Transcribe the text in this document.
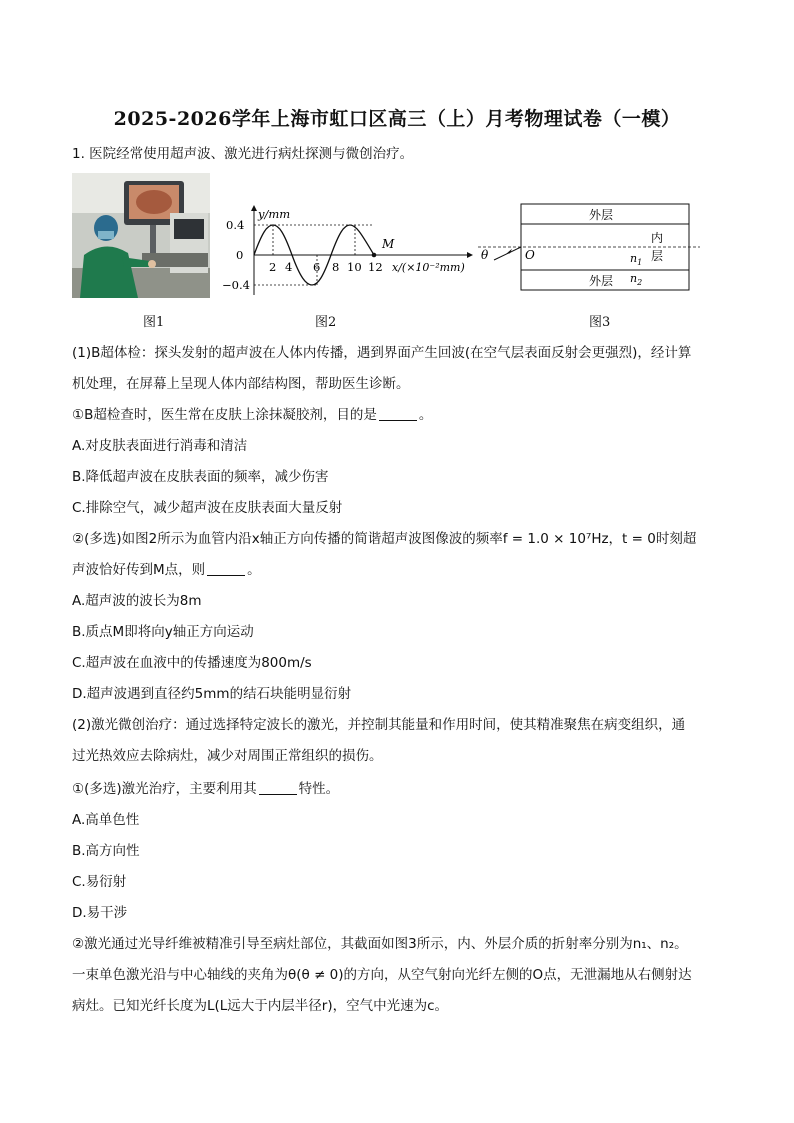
2025-2026学年上海市虹口区高三（上）月考物理试卷（一模）
1. 医院经常使用超声波、激光进行病灶探测与微创治疗。
M
y/mm
0.4
0
−0.4
2 4 6 8 10 12 x/(×10⁻²mm)
θ	O
外层
外层
内
层
$n_1$
$n_2$
图1	图2	图3
(1)B超体检：探头发射的超声波在人体内传播，遇到界面产生回波(在空气层表面反射会更强烈)，经计算
机处理，在屏幕上呈现人体内部结构图，帮助医生诊断。
①B超检查时，医生常在皮肤上涂抹凝胶剂，目的是	。
A.对皮肤表面进行消毒和清洁
B.降低超声波在皮肤表面的频率，减少伤害
C.排除空气，减少超声波在皮肤表面大量反射
②(多选)如图2所示为血管内沿x轴正方向传播的简谐超声波图像波的频率f = 1.0 × 10⁷Hz，t = 0时刻超
声波恰好传到M点，则	。
A.超声波的波长为8m
B.质点M即将向y轴正方向运动
C.超声波在血液中的传播速度为800m/s
D.超声波遇到直径约5mm的结石块能明显衍射
(2)激光微创治疗：通过选择特定波长的激光，并控制其能量和作用时间，使其精准聚焦在病变组织，通
过光热效应去除病灶，减少对周围正常组织的损伤。
①(多选)激光治疗，主要利用其	特性。
A.高单色性
B.高方向性
C.易衍射
D.易干涉
②激光通过光导纤维被精准引导至病灶部位，其截面如图3所示，内、外层介质的折射率分别为n₁、n₂。
一束单色激光沿与中心轴线的夹角为θ(θ ≠ 0)的方向，从空气射向光纤左侧的O点，无泄漏地从右侧射达
病灶。已知光纤长度为L(L远大于内层半径r)，空气中光速为c。
